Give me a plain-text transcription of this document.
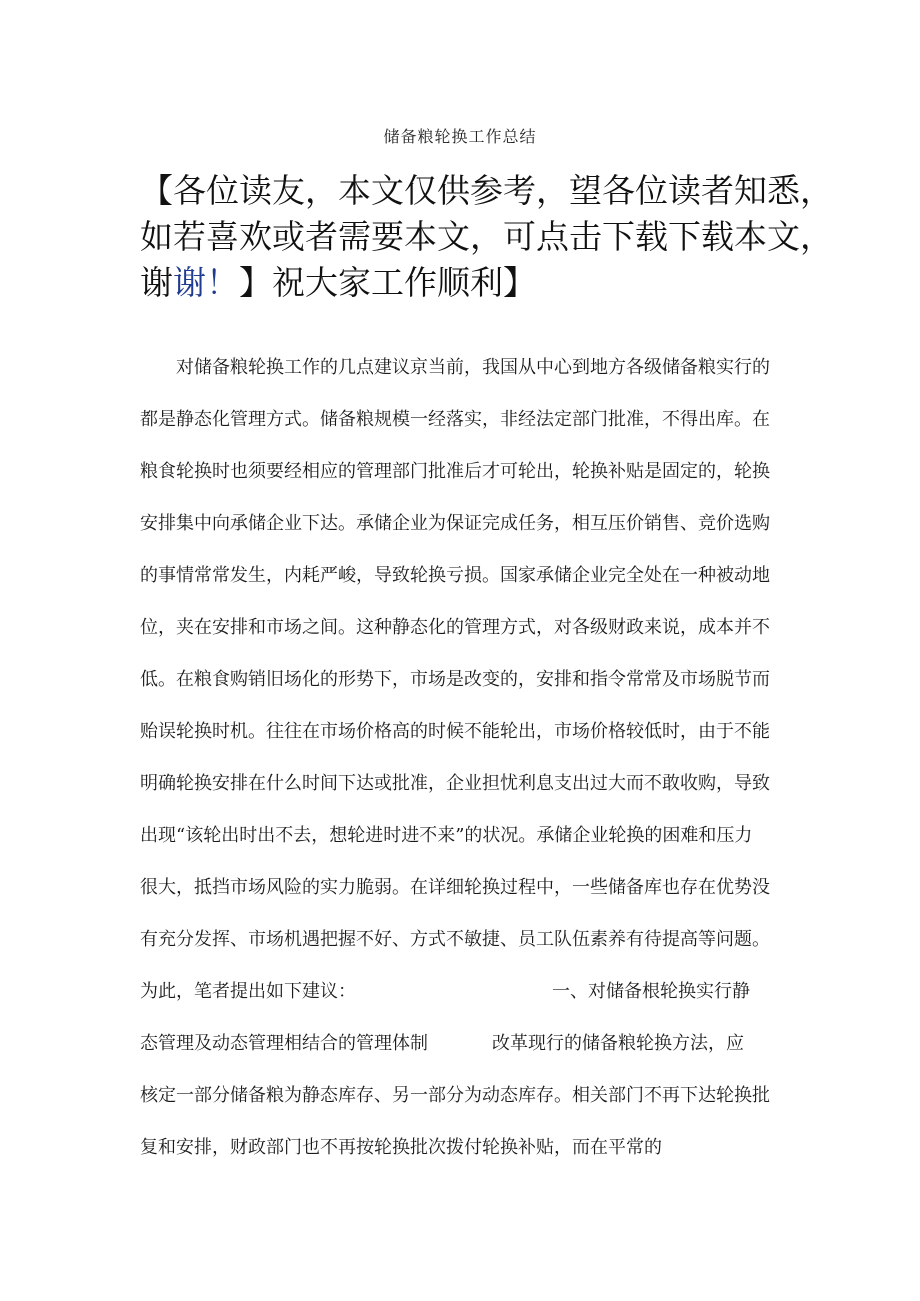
储备粮轮换工作总结
【各位读友，本文仅供参考，望各位读者知悉，
如若喜欢或者需要本文，可点击下载下载本文，
谢谢！】祝大家工作顺利】
对储备粮轮换工作的几点建议京当前，我国从中心到地方各级储备粮实行的
都是静态化管理方式。储备粮规模一经落实，非经法定部门批准，不得出库。在
粮食轮换时也须要经相应的管理部门批准后才可轮出，轮换补贴是固定的，轮换
安排集中向承储企业下达。承储企业为保证完成任务，相互压价销售、竞价选购
的事情常常发生，内耗严峻，导致轮换亏损。国家承储企业完全处在一种被动地
位，夹在安排和市场之间。这种静态化的管理方式，对各级财政来说，成本并不
低。在粮食购销旧场化的形势下，市场是改变的，安排和指令常常及市场脱节而
贻误轮换时机。往往在市场价格高的时候不能轮出，市场价格较低时，由于不能
明确轮换安排在什么时间下达或批准，企业担忧利息支出过大而不敢收购，导致
出现“该轮出时出不去，想轮进时进不来”的状况。承储企业轮换的困难和压力
很大，抵挡市场风险的实力脆弱。在详细轮换过程中，一些储备库也存在优势没
有充分发挥、市场机遇把握不好、方式不敏捷、员工队伍素养有待提高等问题。
为此，笔者提出如下建议：	一、对储备根轮换实行静
态管理及动态管理相结合的管理体制	改革现行的储备粮轮换方法，应
核定一部分储备粮为静态库存、另一部分为动态库存。相关部门不再下达轮换批
复和安排，财政部门也不再按轮换批次拨付轮换补贴，而在平常的
